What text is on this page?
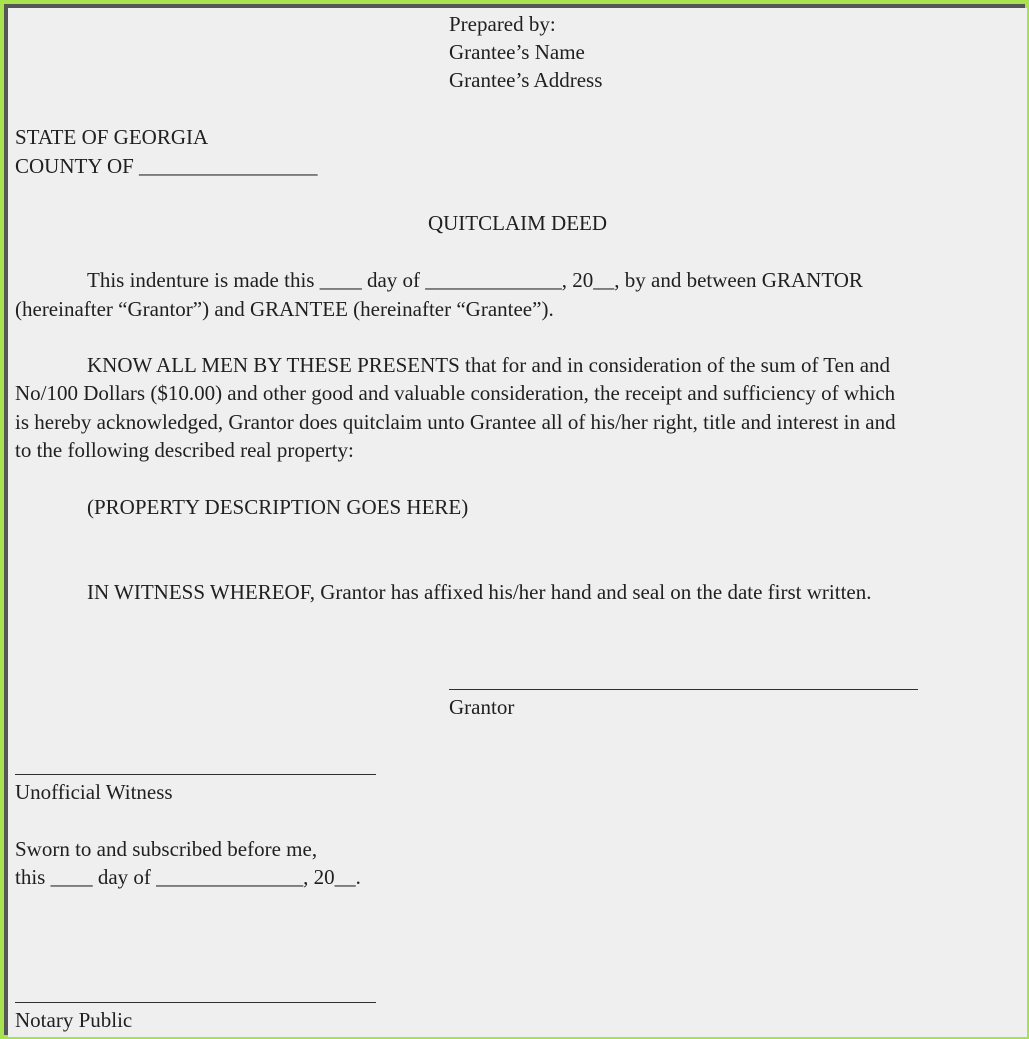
Prepared by:
Grantee’s Name
Grantee’s Address
STATE OF GEORGIA
COUNTY OF _________________
QUITCLAIM DEED
This indenture is made this ____ day of _____________, 20__, by and between GRANTOR
(hereinafter “Grantor”) and GRANTEE (hereinafter “Grantee”).
KNOW ALL MEN BY THESE PRESENTS that for and in consideration of the sum of Ten and
No/100 Dollars ($10.00) and other good and valuable consideration, the receipt and sufficiency of which
is hereby acknowledged, Grantor does quitclaim unto Grantee all of his/her right, title and interest in and
to the following described real property:
(PROPERTY DESCRIPTION GOES HERE)
IN WITNESS WHEREOF, Grantor has affixed his/her hand and seal on the date first written.
Grantor
Unofficial Witness
Sworn to and subscribed before me,
this ____ day of ______________, 20__.
Notary Public
